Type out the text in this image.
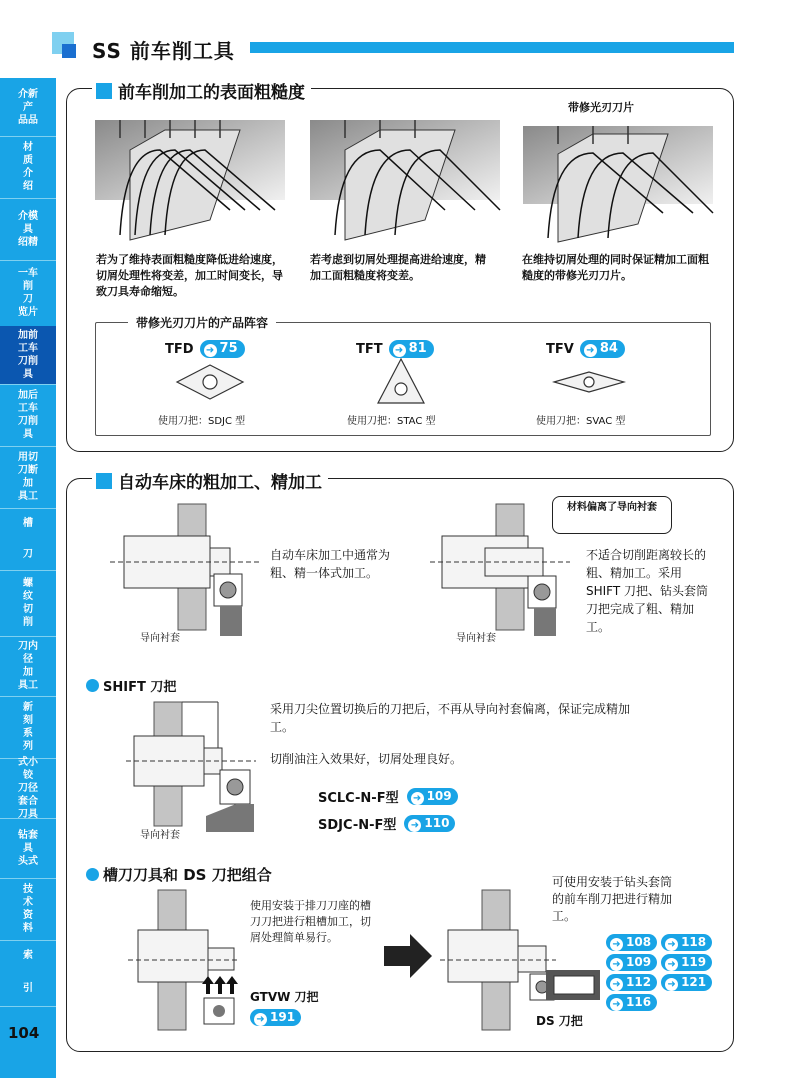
SS 前车削工具
介新
产
品品
材
质
介
绍
介模
具
绍精
一车
削
刀
览片
加前
工车
刀削
具
加后
工车
刀削
具
用切
刀断
加
具工
槽
刀
螺
纹
切
削
刀内
径
加
具工
新
刻
系
列
式小
铰
刀径
套合
刀具
钻套
具
头式
技
术
资
料
索
引
104
前车削加工的表面粗糙度
带修光刃刀片
若为了维持表面粗糙度降低进给速度，切屑处理性将变差，加工时间变长，导致刀具寿命缩短。
若考虑到切屑处理提高进给速度，精加工面粗糙度将变差。
在维持切屑处理的同时保证精加工面粗糙度的带修光刃刀片。
带修光刃刀片的产品阵容
TFD	➜ 75	TFT	➜ 81	TFV	➜ 84
使用刀把：SDJC 型	使用刀把：STAC 型	使用刀把：SVAC 型
自动车床的粗加工、精加工
导向衬套
自动车床加工中通常为粗、精一体式加工。
导向衬套
材料偏离了导向衬套
不适合切削距离较长的粗、精加工。采用 SHIFT 刀把、钻头套筒刀把完成了粗、精加工。
SHIFT 刀把
导向衬套
采用刀尖位置切换后的刀把后，不再从导向衬套偏离，保证完成精加工。
切削油注入效果好，切屑处理良好。
SCLC-N-F型	➜ 109
SDJC-N-F型	➜ 110
槽刀刀具和 DS 刀把组合
使用安装于排刀刀座的槽刀刀把进行粗槽加工，切屑处理简单易行。
GTVW 刀把
➜ 191	DS 刀把
可使用安装于钻头套筒的前车削刀把进行精加工。
➜ 108	➜ 118
➜ 109	➜ 119
➜ 112	➜ 121
➜ 116
